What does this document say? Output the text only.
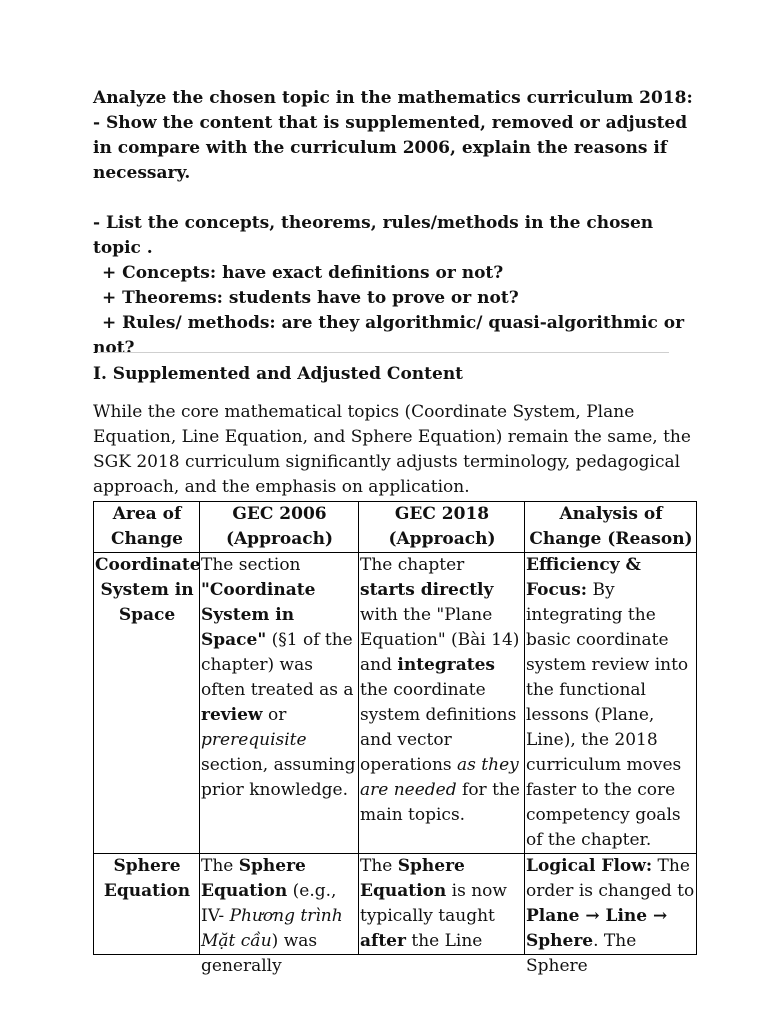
Analyze the chosen topic in the mathematics curriculum 2018:

- Show the content that is supplemented, removed or adjusted in compare with the curriculum 2006, explain the reasons if necessary.

- List the concepts, theorems, rules/methods in the chosen topic .

+ Concepts: have exact definitions or not?

+ Theorems: students have to prove or not?

+ Rules/ methods: are they algorithmic/ quasi-algorithmic or not?

I. Supplemented and Adjusted Content

While the core mathematical topics (Coordinate System, Plane Equation, Line Equation, and Sphere Equation) remain the same, the SGK 2018 curriculum significantly adjusts terminology, pedagogical approach, and the emphasis on application.

Area of Change	GEC 2006 (Approach)	GEC 2018 (Approach)	Analysis of Change (Reason)
Coordinate System in Space	The section "Coordinate System in Space" (§1 of the chapter) was often treated as a review or prerequisite section, assuming prior knowledge.	The chapter starts directly with the "Plane Equation" (Bài 14) and integrates the coordinate system definitions and vector operations as they are needed for the main topics.	Efficiency & Focus: By integrating the basic coordinate system review into the functional lessons (Plane, Line), the 2018 curriculum moves faster to the core competency goals of the chapter.

Sphere Equation	The Sphere Equation (e.g., IV- Phương trình Mặt cầu) was generally	The Sphere Equation is now typically taught after the Line	Logical Flow: The order is changed to Plane → Line → Sphere. The Sphere
